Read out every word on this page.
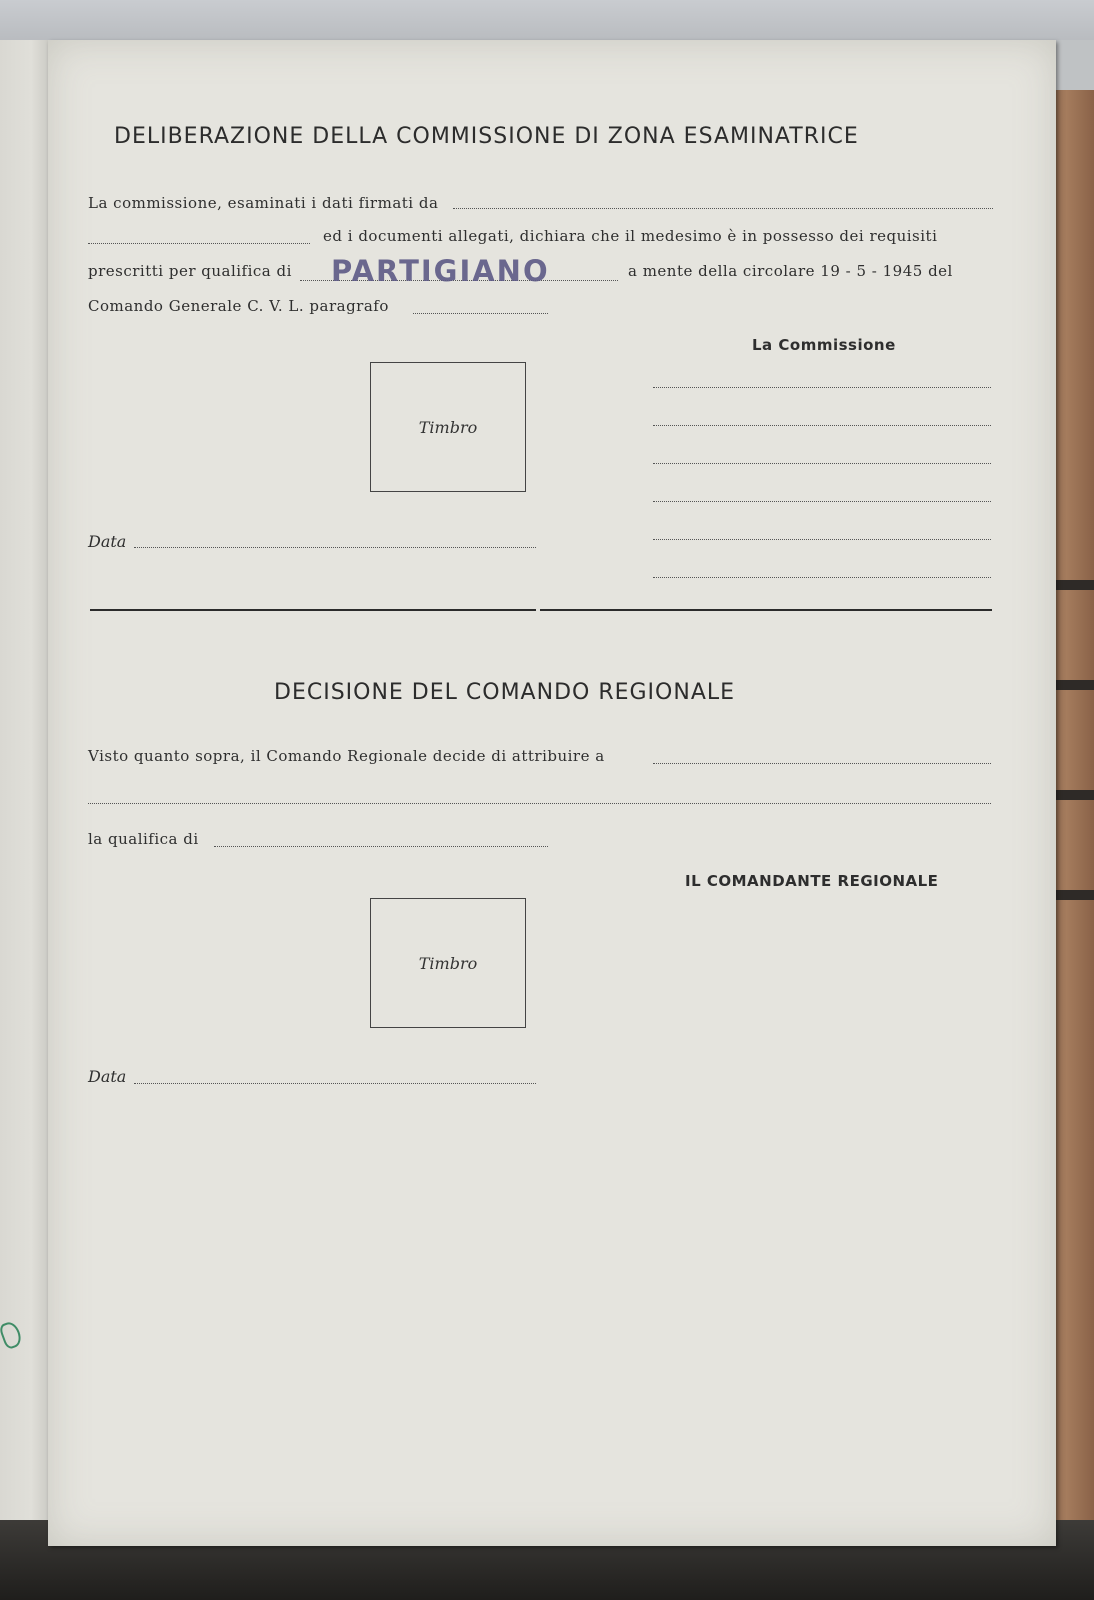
DELIBERAZIONE DELLA COMMISSIONE DI ZONA ESAMINATRICE
La commissione, esaminati i dati firmati da
ed i documenti allegati, dichiara che il medesimo è in possesso dei requisiti
prescritti per qualifica di PARTIGIANO	a mente della circolare 19 - 5 - 1945 del
Comando Generale C. V. L. paragrafo
La Commissione
Timbro
Data
DECISIONE DEL COMANDO REGIONALE
Visto quanto sopra, il Comando Regionale decide di attribuire a
la qualifica di
IL COMANDANTE REGIONALE
Timbro
Data
